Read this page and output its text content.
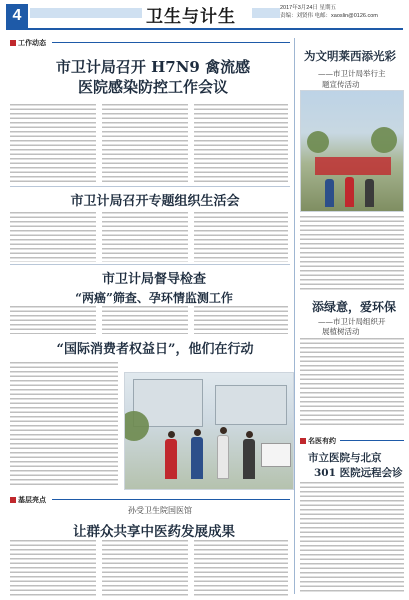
4	卫生与计生	2017年3月24日 星期五
责编：刘贤伟 电邮：xaoslin@0126.com
工作动态
市卫计局召开 H7N9 禽流感
医院感染防控工作会议
市卫计局召开专题组织生活会
市卫计局督导检查
“两癌”筛查、孕环情监测工作
“国际消费者权益日”，他们在行动
基层亮点
孙受卫生院国医馆
让群众共享中医药发展成果
为文明莱西添光彩
——市卫计局举行主
题宣传活动
添绿意，爱环保
——市卫计局组织开
展植树活动
名医有约
市立医院与北京
301 医院远程会诊
